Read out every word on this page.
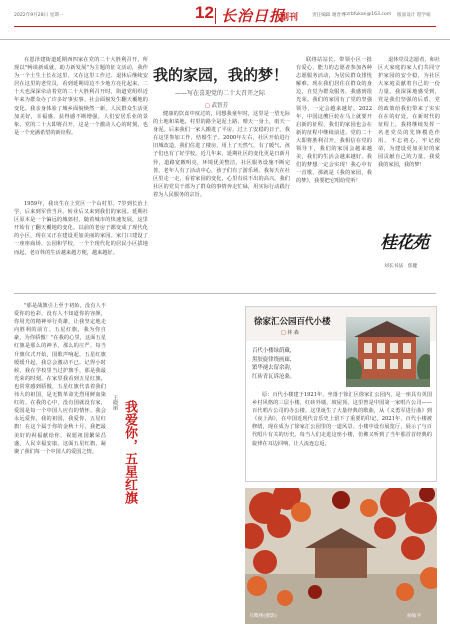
2022年9月28日 星期一	12 长治日报
副刊	责任编辑 谢晋秀
czrbfukan@163.com 版面设计 程学娟
我的家园，我的梦！
——写在喜迎党的二十大召开之际
□ 武智芳
在恩泽建街道延期西四家在党的二十大胜利召开，所现以"畅谈新成就，助力新发展"为主题的征文活动，我作为一个土生土长在这里、又在这里工作过、退休后继续安居在这里的老党员，看到延期周边不少地方亮化起来，二十大也深深牵动着党的二十大胜利召开时，街道党组织近年来为群众办了许多好事实事。社会面貌发生翻天覆地的变化。我亲身体验了城乡面貌焕然一新，人民群众生活更加美好，幸福感、获得感不断增强，人们安居乐业的景象。党的二十大即将召开，这是一个激动人心的时刻，也是一个充满希望的新征程。
1959年，我出生在上党区一个山村里。7岁到长治上学，后来到军营当兵，转业后又来到我们的家园。延期社区原本是一个偏远的城郊村，随着城市的快速发展，这里开始有了翻天覆地的变化。以前的老房子都变成了现代化的小区，现在又正在建设更加美丽的家园。家门口建设了一座座商场、公园和学校，一个个现代化的居民小区拔地而起，老百姓的生活越来越方便，越来越好。
健康的饮食中度过的，同想我童年时，这里是一望无际的土地和菜地，村里的路全是泥土路，晴天一身土，雨天一身泥。后来我们一家人搬进了平房，过上了安稳的日子。我在这里参加工作，结婚生子。2000年左右，社区开始进行旧城改造，我们住进了楼房，用上了天然气，有了暖气，孩子们也有了好学校。近几年来，延期社区的变化更是日新月异，道路宽敞明亮，环境优美整洁，社区服务设施不断完善，老年人有了活动中心，孩子们有了游乐场。我每天在社区里走一走，看着家园的变化，心里有说不出的高兴。我们社区的党员干部为了群众的事情奔走忙碌，用实际行动践行着为人民服务的宗旨。
联络站站长、带领小区一批有爱心、能力的志愿者参加各种志愿服务活动，为居民群众排忧解难。现在我们居住在群众的身边，自觉为群众服务，我感到很光荣。我们的家园有了党的坚强领导，一定会越来越好。2022年，中国这艘巨轮在马上就要开启新的征程，我们的家园也会在新的征程中继续前进。党的二十大即将胜利召开，我相信在党的领导下，我们的家园会越来越美，我们的生活会越来越好，我们的梦想一定会实现！我心中有一首歌，那就是《我的家园，我的梦》，我要把它唱给党听！
退休党员志愿者，和社区大家庭的家人们共同守护家园的安全稳，为社区大家庭贡献着自己的一份力量。我深深地感受到，党是我们坚强的后盾，党的政策给我们带来了实实在在的好处。在新时代的征程上，我将继续发挥一名老党员的先锋模范作用，不忘初心，牢记使命，为建设更加美好的家园贡献自己的力量。我爱我的家园，我的梦！
桂花苑
刘长书法 焦健
"那是战旗引上至于初始，没有人不爱你的色彩，没有人不知道你的容颜，你用光的精神举行英雄，让我坚定地走向胜利的前方。五星红旗，我为你自豪，为你骄傲！"在我的心里，这面五星红旗是那么的神圣，那么的庄严。每当升旗仪式开始，国歌声响起，五星红旗缓缓升起，我总会激动不已。记得小时候，我在学校里当过护旗手，那是我最光荣的时刻。在家里我看到五星红旗，也常常感到骄傲，五星红旗代表着我们伟大的祖国，是无数革命先烈用鲜血染红的。在我的心中，没有国就没有家，爱国是每一个中国人应有的情怀。我会永远爱你，我的祖国，我爱你，五星红旗！在这个属于你的金秋十月，我把最美好的祝福献给你，祝愿祖国繁荣昌盛，人民幸福安康。这面五星红旗，凝聚了我们每一个中国人的爱国之情。
王晓丽 我爱你，五星红旗
徐家汇公园百代小楼
□ 林 森
百代小楼绿荫藏，
黑胶旋律绕画廊，
繁华褪去留余韵，
红砖青瓦诉沧桑。

原：百代小楼建于1921年，坐落于徐汇区徐家汇公园内，是一座具有英国乡村风格的三层小楼，红砖外墙，坡屋顶。这里曾是中国第一家唱片公司——百代唱片公司的办公楼。这里诞生了大量经典的歌曲，从《义勇军进行曲》到《夜上海》，在中国近现代音乐史上留下了重要的印记。2021年，百代小楼被修缮，现在成为了徐家汇公园里的一道风景。小楼中设有展览厅，展示了与百代唱片有关的历史。每当人们走进这座小楼，仿佛又听到了当年那首首经典的旋律在耳边回响，让人流连忘返。
乌鹭楼(摄影)	杨敏平
